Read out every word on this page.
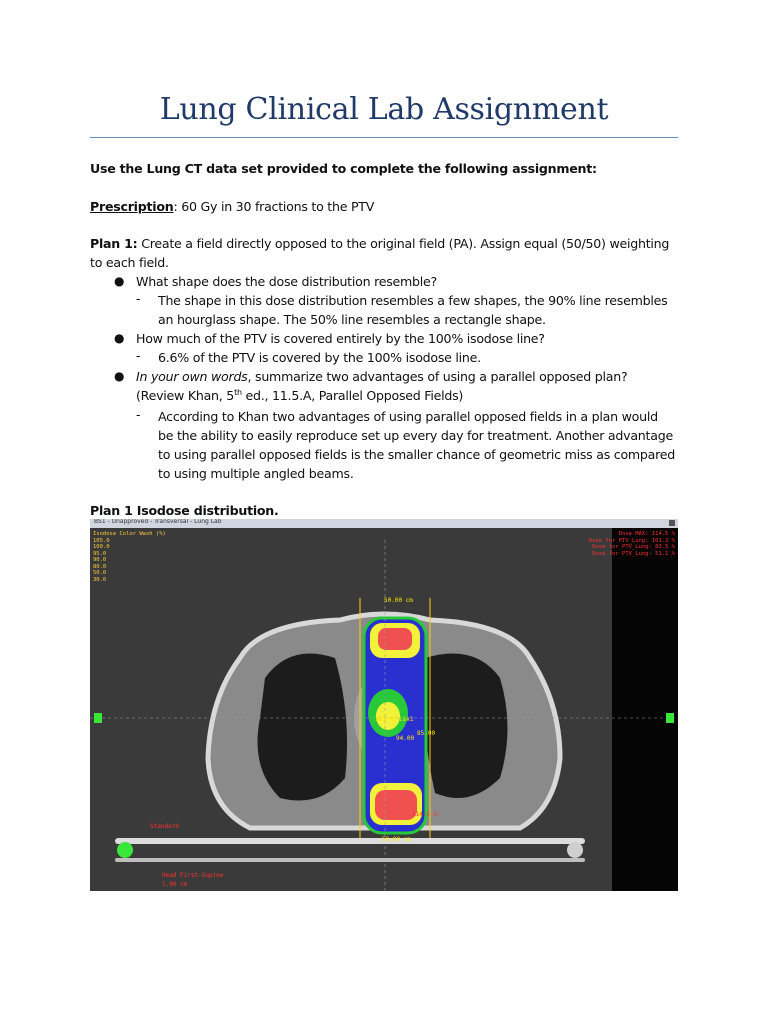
Lung Clinical Lab Assignment
Use the Lung CT data set provided to complete the following assignment:
Prescription: 60 Gy in 30 fractions to the PTV
Plan 1: Create a field directly opposed to the original field (PA). Assign equal (50/50) weighting
to each field.
● What shape does the dose distribution resemble?
- The shape in this dose distribution resembles a few shapes, the 90% line resembles
an hourglass shape. The 50% line resembles a rectangle shape.
● How much of the PTV is covered entirely by the 100% isodose line?
- 6.6% of the PTV is covered by the 100% isodose line.
● In your own words, summarize two advantages of using a parallel opposed plan?
(Review Khan, 5th ed., 11.5.A, Parallel Opposed Fields)
- According to Khan two advantages of using parallel opposed fields in a plan would
be the ability to easily reproduce set up every day for treatment. Another advantage
to using parallel opposed fields is the smaller chance of geometric miss as compared
to using multiple angled beams.
Plan 1 Isodose distribution.
BS1 - Unapproved - Transversal - Lung Lab
Isodose Color Wash (%)
105.0
100.0
95.0
90.0
80.0
50.0
30.0
Dose MAX: 114.5 %
Dose for PTV_Lung: 101.2 %
Dose for PTV_Lung: 83.5 %
Dose for PTV_Lung: 51.1 %
50.00 cm
50.00 cm
114.5 %
100.00
94.00
85.00
isk1
Standard
Head First-Supine
1.00 cm
